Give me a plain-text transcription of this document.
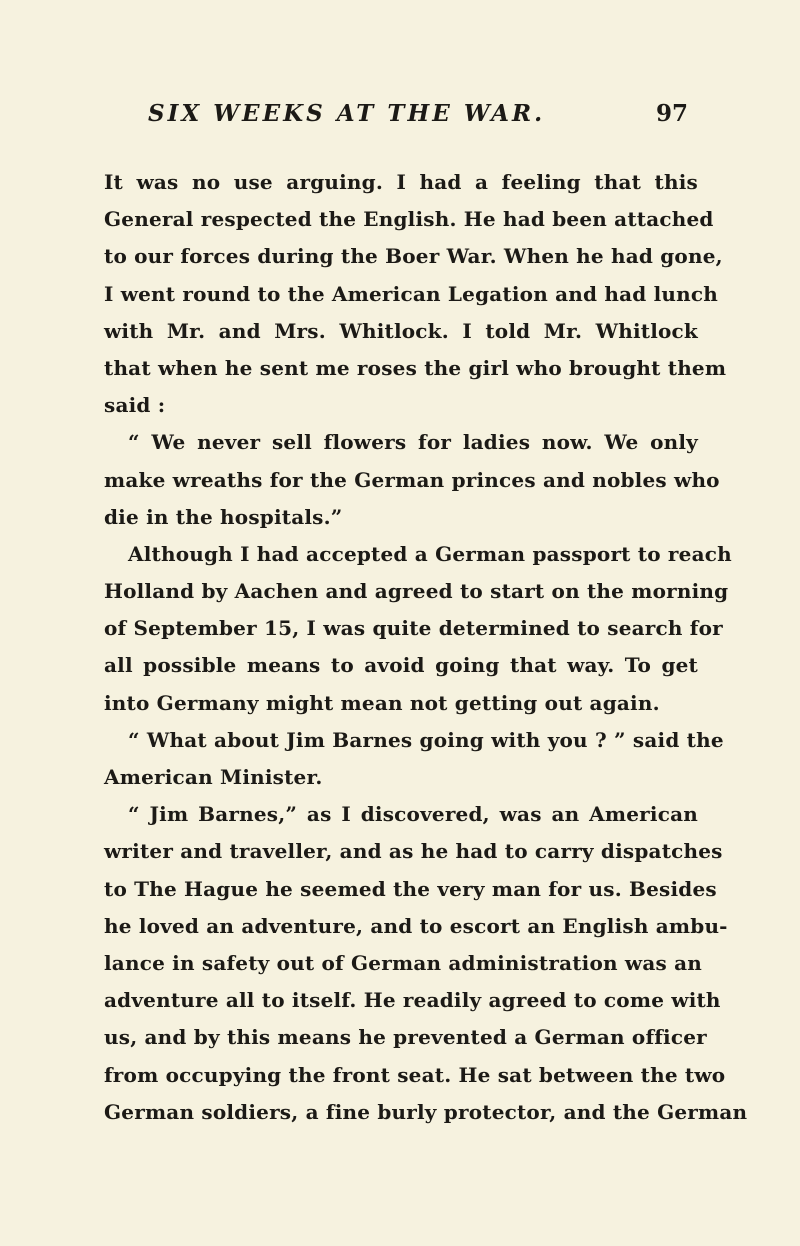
SIX WEEKS AT THE WAR.	97
It was no use arguing. I had a feeling that this
General respected the English. He had been attached
to our forces during the Boer War. When he had gone,
I went round to the American Legation and had lunch
with Mr. and Mrs. Whitlock. I told Mr. Whitlock
that when he sent me roses the girl who brought them
said :
“ We never sell flowers for ladies now. We only
make wreaths for the German princes and nobles who
die in the hospitals.”
Although I had accepted a German passport to reach
Holland by Aachen and agreed to start on the morning
of September 15, I was quite determined to search for
all possible means to avoid going that way. To get
into Germany might mean not getting out again.
“ What about Jim Barnes going with you ? ” said the
American Minister.
“ Jim Barnes,” as I discovered, was an American
writer and traveller, and as he had to carry dispatches
to The Hague he seemed the very man for us. Besides
he loved an adventure, and to escort an English ambu-
lance in safety out of German administration was an
adventure all to itself. He readily agreed to come with
us, and by this means he prevented a German officer
from occupying the front seat. He sat between the two
German soldiers, a fine burly protector, and the German
